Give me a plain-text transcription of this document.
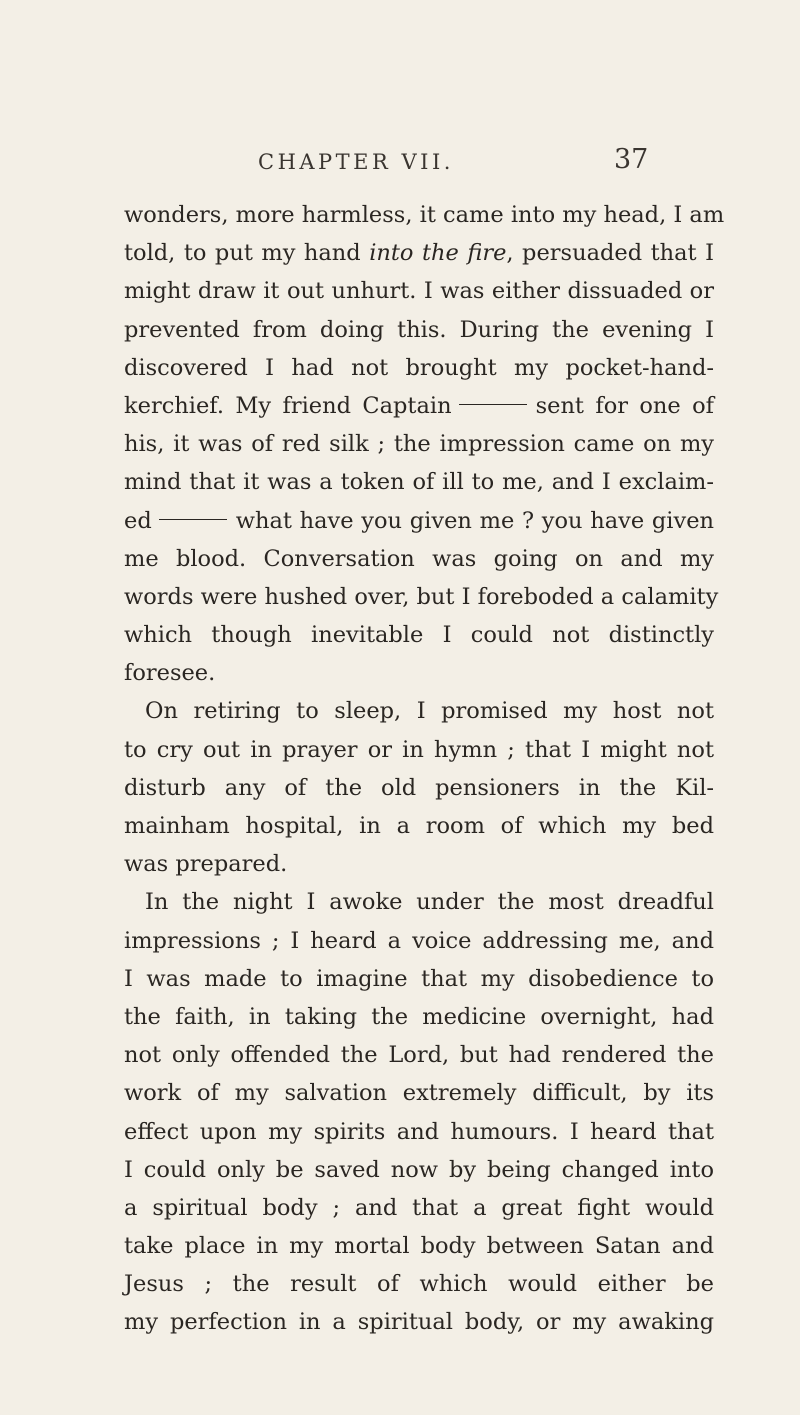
CHAPTER VII.	37
wonders, more harmless, it came into my head, I am
told, to put my hand into the fire, persuaded that I
might draw it out unhurt. I was either dissuaded or
prevented from doing this. During the evening I
discovered I had not brought my pocket-hand-
kerchief. My friend Captain	sent for one of
his, it was of red silk ; the impression came on my
mind that it was a token of ill to me, and I exclaim-
ed	what have you given me ? you have given
me blood. Conversation was going on and my
words were hushed over, but I foreboded a calamity
which though inevitable I could not distinctly
foresee.
On retiring to sleep, I promised my host not
to cry out in prayer or in hymn ; that I might not
disturb any of the old pensioners in the Kil-
mainham hospital, in a room of which my bed
was prepared.
In the night I awoke under the most dreadful
impressions ; I heard a voice addressing me, and
I was made to imagine that my disobedience to
the faith, in taking the medicine overnight, had
not only offended the Lord, but had rendered the
work of my salvation extremely difficult, by its
effect upon my spirits and humours. I heard that
I could only be saved now by being changed into
a spiritual body ; and that a great fight would
take place in my mortal body between Satan and
Jesus ; the result of which would either be
my perfection in a spiritual body, or my awaking
